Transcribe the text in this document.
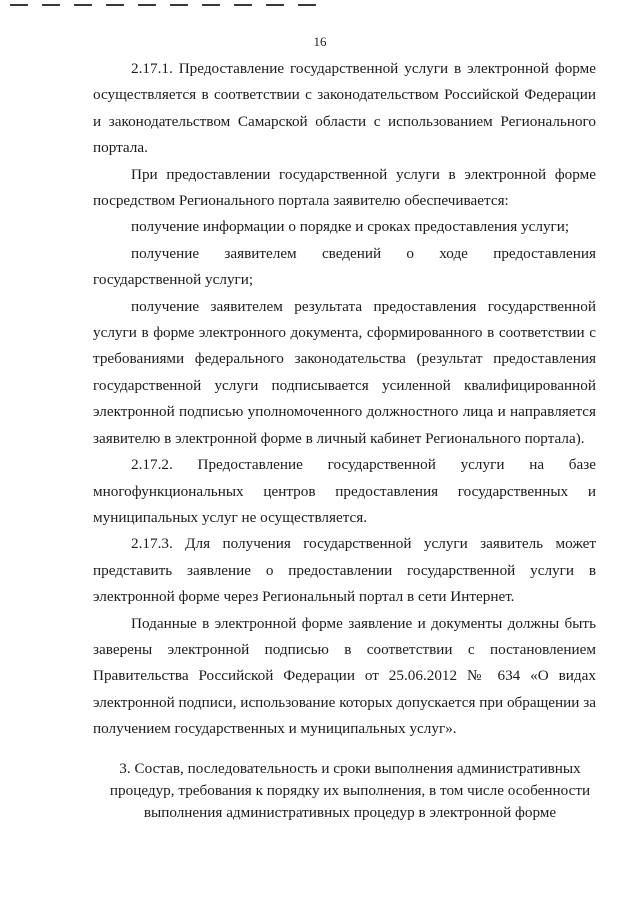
16

2.17.1. Предоставление государственной услуги в электронной форме осуществляется в соответствии с законодательством Российской Федерации и законодательством Самарской области с использованием Регионального портала.

При предоставлении государственной услуги в электронной форме посредством Регионального портала заявителю обеспечивается:

получение информации о порядке и сроках предоставления услуги;

получение заявителем сведений о ходе предоставления государственной услуги;

получение заявителем результата предоставления государственной услуги в форме электронного документа, сформированного в соответствии с требованиями федерального законодательства (результат предоставления государственной услуги подписывается усиленной квалифицированной электронной подписью уполномоченного должностного лица и направляется заявителю в электронной форме в личный кабинет Регионального портала).

2.17.2. Предоставление государственной услуги на базе многофункциональных центров предоставления государственных и муниципальных услуг не осуществляется.

2.17.3. Для получения государственной услуги заявитель может представить заявление о предоставлении государственной услуги в электронной форме через Региональный портал в сети Интернет.

Поданные в электронной форме заявление и документы должны быть заверены электронной подписью в соответствии с постановлением Правительства Российской Федерации от 25.06.2012 № 634 «О видах электронной подписи, использование которых допускается при обращении за получением государственных и муниципальных услуг».

3. Состав, последовательность и сроки выполнения административных процедур, требования к порядку их выполнения, в том числе особенности выполнения административных процедур в электронной форме
